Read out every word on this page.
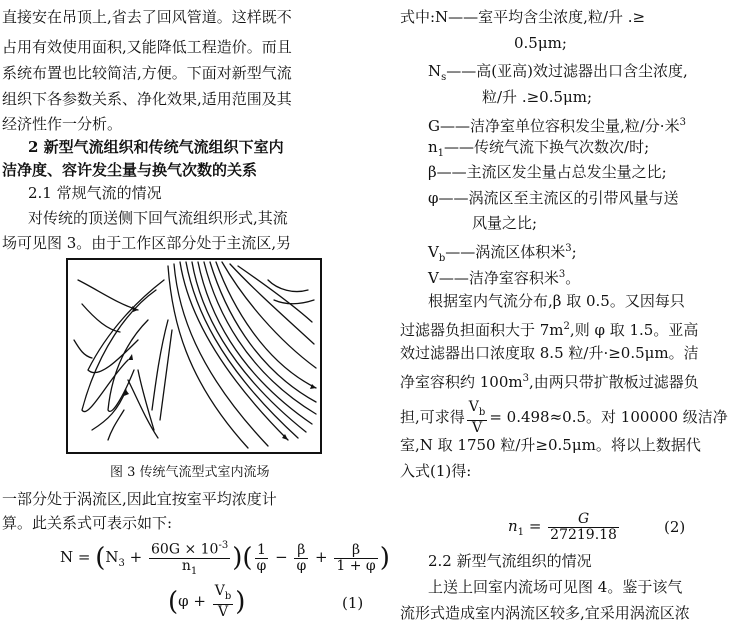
直接安在吊顶上,省去了回风管道。这样既不
占用有效使用面积,又能降低工程造价。而且
系统布置也比较简洁,方便。下面对新型气流
组织下各参数关系、净化效果,适用范围及其
经济性作一分析。
2 新型气流组织和传统气流组织下室内
洁净度、容许发尘量与换气次数的关系
2.1 常规气流的情况
对传统的顶送侧下回气流组织形式,其流
场可见图 3。由于工作区部分处于主流区,另
图 3 传统气流型式室内流场
一部分处于涡流区,因此宜按室平均浓度计
算。此关系式可表示如下:
$N = (N_3 + \frac{60G \times 10^{-3}}{n_1}$ )( $\frac{1}{\varphi} - \frac{\beta}{\varphi} + \frac{\beta}{1 + \varphi}$ )
($\varphi + \frac{V_b}{V}$ )	(1)
式中:N——室平均含尘浓度,粒/升 .≥
0.5μm;
$N_s——$高(亚高)效过滤器出口含尘浓度,
粒/升 .≥0.5μm;
G——洁净室单位容积发尘量,粒/分·米$^3$
$n_1——$传统气流下换气次数次/时;
β——主流区发尘量占总发尘量之比;
φ——涡流区至主流区的引带风量与送
风量之比;
$V_b——$涡流区体积米$^3$;
V——洁净室容积米$^3$。
根据室内气流分布,β 取 0.5。又因每只
过滤器负担面积大于 $7m^2$,则 φ 取 1.5。亚高
效过滤器出口浓度取 8.5 粒/升·≥0.5μm。洁
净室容积约 $100m^3$,由两只带扩散板过滤器负
担,可求得 $\frac{V_b}{V} = 0.498\approx 0.5$。对 100000 级洁净
室,N 取 1750 粒/升≥0.5μm。将以上数据代
入式(1)得:
$n_1 = \frac{G}{27219.18}$	(2)
2.2 新型气流组织的情况
上送上回室内流场可见图 4。鉴于该气
流形式造成室内涡流区较多,宜采用涡流区浓
